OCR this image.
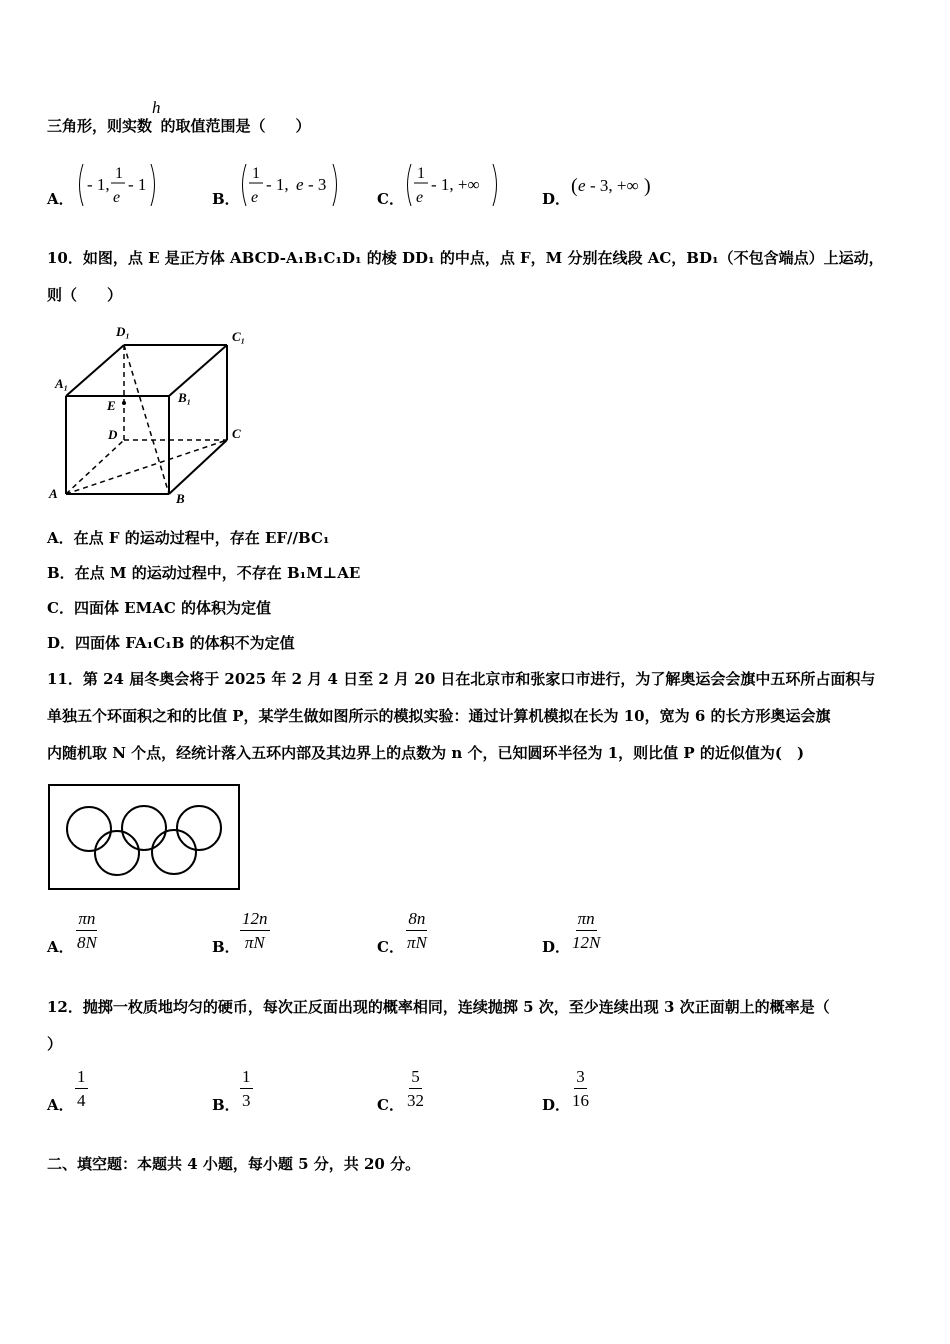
三角形，则实数h的取值范围是（　　）
A．
- 1,
1
e
- 1
B．
1
e
- 1, e - 3
C．
1
e
- 1, +∞
D．
( e - 3, +∞ )
10．如图，点 E 是正方体 ABCD-A₁B₁C₁D₁ 的棱 DD₁ 的中点，点 F，M 分别在线段 AC，BD₁（不包含端点）上运动，
则（　　）
D₁	C₁
A₁
B₁
E
D	C
A	B
A．在点 F 的运动过程中，存在 EF//BC₁
B．在点 M 的运动过程中，不存在 B₁M⊥AE
C．四面体 EMAC 的体积为定值
D．四面体 FA₁C₁B 的体积不为定值
11．第 24 届冬奥会将于 2025 年 2 月 4 日至 2 月 20 日在北京市和张家口市进行，为了解奥运会会旗中五环所占面积与
单独五个环面积之和的比值 P，某学生做如图所示的模拟实验：通过计算机模拟在长为 10，宽为 6 的长方形奥运会旗
内随机取 N 个点，经统计落入五环内部及其边界上的点数为 n 个，已知圆环半径为 1，则比值 P 的近似值为(　)
A． $\frac{\pi n}{8N}$	B． $\frac{12n}{\pi N}$	C． $\frac{8n}{\pi N}$	D． $\frac{\pi n}{12N}$
12．抛掷一枚质地均匀的硬币，每次正反面出现的概率相同，连续抛掷 5 次，至少连续出现 3 次正面朝上的概率是（
）
A． $\frac{1}{4}$	B． $\frac{1}{3}$	C． $\frac{5}{32}$	D． $\frac{3}{16}$
二、填空题：本题共 4 小题，每小题 5 分，共 20 分。
